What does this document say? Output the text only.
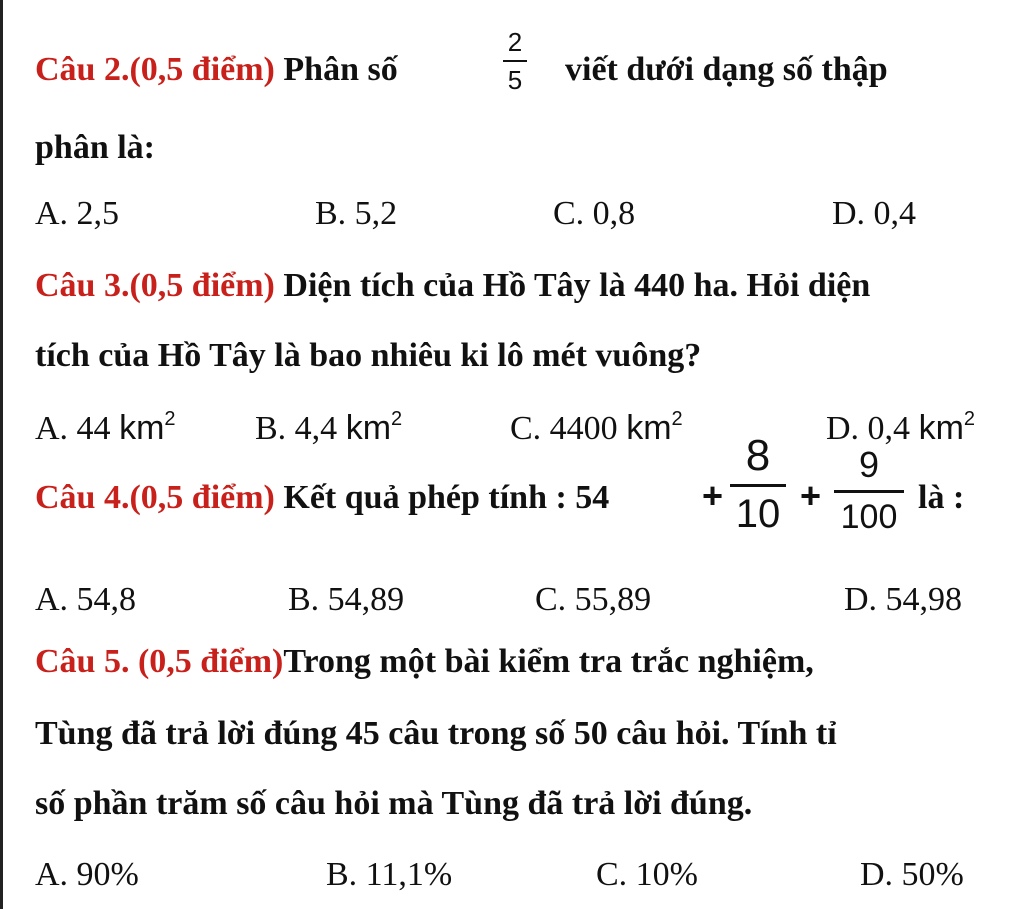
Câu 2.(0,5 điểm) Phân số
2
5 viết dưới dạng số thập
phân là:
A. 2,5	B. 5,2	C. 0,8	D. 0,4
Câu 3.(0,5 điểm) Diện tích của Hồ Tây là 440 ha. Hỏi diện
tích của Hồ Tây là bao nhiêu ki lô mét vuông?
A. 44 $km^2$ B. 4,4 $km^2$	C. 4400 $km^2$	D. 0,4 $km^2$
Câu 4.(0,5 điểm) Kết quả phép tính : 54	+
8
10 +
9
100
là :
A. 54,8	B. 54,89	C. 55,89	D. 54,98
Câu 5. (0,5 điểm)Trong một bài kiểm tra trắc nghiệm,
Tùng đã trả lời đúng 45 câu trong số 50 câu hỏi. Tính tỉ
số phần trăm số câu hỏi mà Tùng đã trả lời đúng.
A. 90%	B. 11,1%	C. 10%	D. 50%
